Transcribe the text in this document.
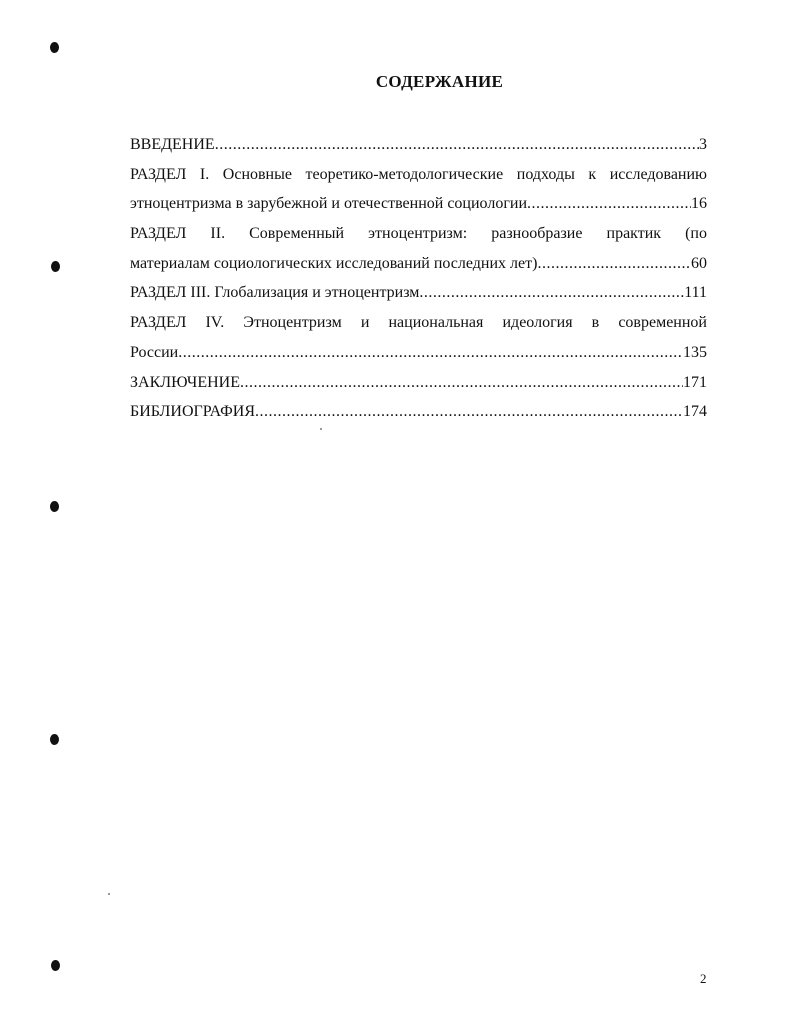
СОДЕРЖАНИЕ
ВВЕДЕНИЕ .....	3
РАЗДЕЛ I. Основные теоретико-методологические подходы к исследованию
этноцентризма в зарубежной и отечественной социологии .....	16
РАЗДЕЛ II. Современный этноцентризм: разнообразие практик (по
материалам социологических исследований последних лет) .....	60
РАЗДЕЛ III. Глобализация и этноцентризм .....	111
РАЗДЕЛ IV. Этноцентризм и национальная идеология в современной
России .....	135
ЗАКЛЮЧЕНИЕ .....	171
БИБЛИОГРАФИЯ .....	174
2
